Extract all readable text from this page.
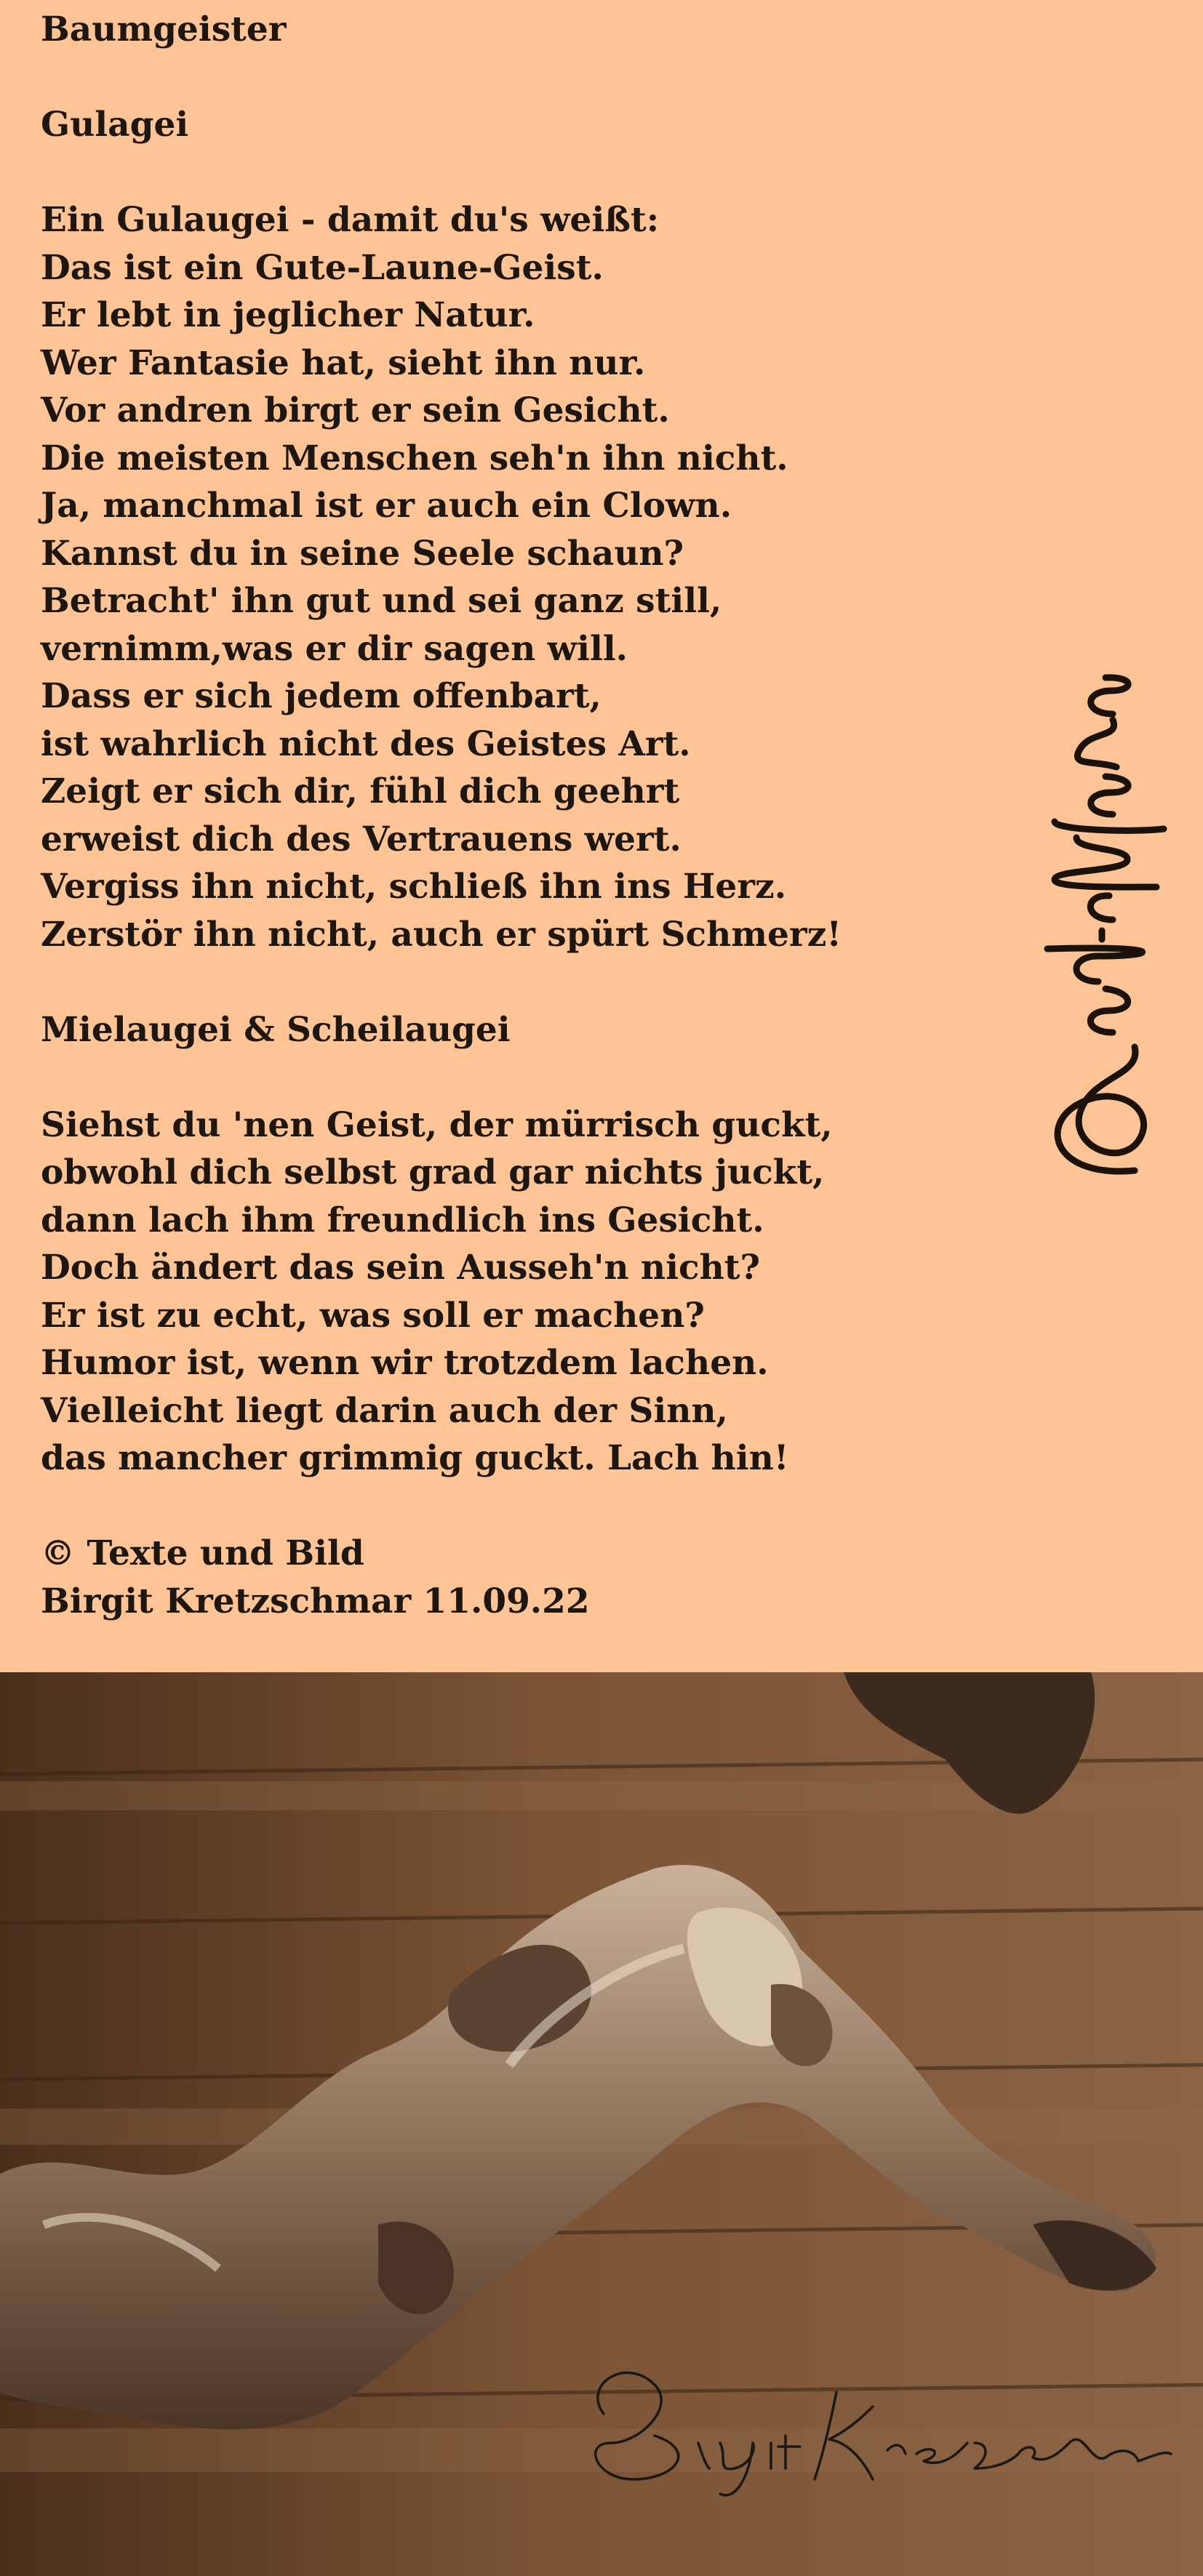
Baumgeister
Gulagei
Ein Gulaugei - damit du's weißt:
Das ist ein Gute-Laune-Geist.
Er lebt in jeglicher Natur.
Wer Fantasie hat, sieht ihn nur.
Vor andren birgt er sein Gesicht.
Die meisten Menschen seh'n ihn nicht.
Ja, manchmal ist er auch ein Clown.
Kannst du in seine Seele schaun?
Betracht' ihn gut und sei ganz still,
vernimm,was er dir sagen will.
Dass er sich jedem offenbart,
ist wahrlich nicht des Geistes Art.
Zeigt er sich dir, fühl dich geehrt
erweist dich des Vertrauens wert.
Vergiss ihn nicht, schließ ihn ins Herz.
Zerstör ihn nicht, auch er spürt Schmerz!
Mielaugei & Scheilaugei
Siehst du 'nen Geist, der mürrisch guckt,
obwohl dich selbst grad gar nichts juckt,
dann lach ihm freundlich ins Gesicht.
Doch ändert das sein Ausseh'n nicht?
Er ist zu echt, was soll er machen?
Humor ist, wenn wir trotzdem lachen.
Vielleicht liegt darin auch der Sinn,
das mancher grimmig guckt. Lach hin!
© Texte und Bild
Birgit Kretzschmar 11.09.22
